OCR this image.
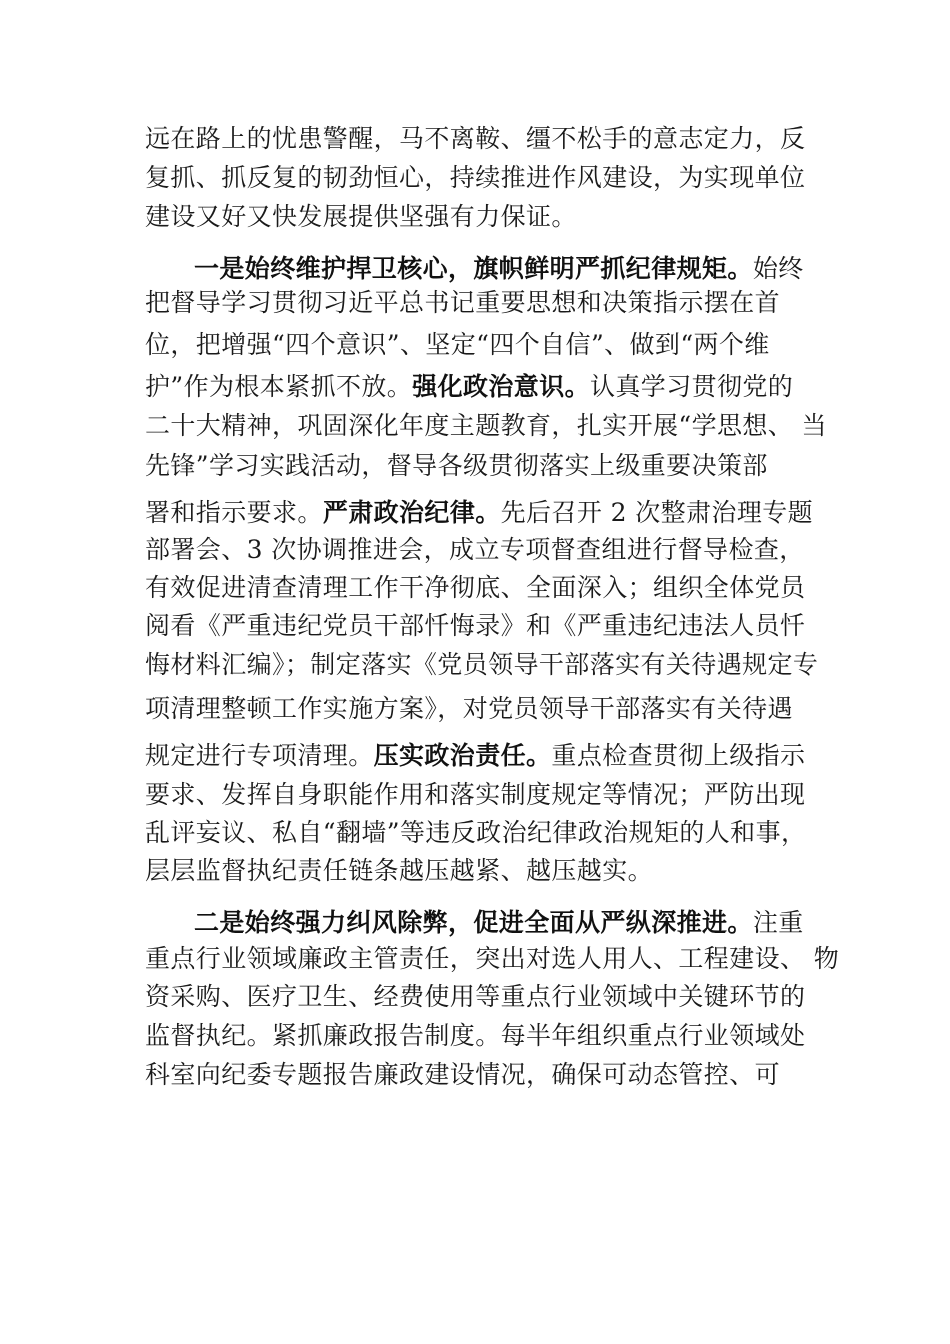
远在路上的忧患警醒，马不离鞍、缰不松手的意志定力，反
复抓、抓反复的韧劲恒心，持续推进作风建设，为实现单位
建设又好又快发展提供坚强有力保证。
一是始终维护捍卫核心，旗帜鲜明严抓纪律规矩。始终
把督导学习贯彻习近平总书记重要思想和决策指示摆在首
位，把增强“四个意识”、坚定“四个自信”、做到“两个维
护”作为根本紧抓不放。强化政治意识。认真学习贯彻党的
二十大精神，巩固深化年度主题教育，扎实开展“学思想、 当
先锋”学习实践活动，督导各级贯彻落实上级重要决策部
署和指示要求。严肃政治纪律。先后召开 2 次整肃治理专题
部署会、3 次协调推进会，成立专项督查组进行督导检查，
有效促进清查清理工作干净彻底、全面深入；组织全体党员
阅看《严重违纪党员干部忏悔录》和《严重违纪违法人员忏
悔材料汇编》；制定落实《党员领导干部落实有关待遇规定专
项清理整顿工作实施方案》，对党员领导干部落实有关待遇
规定进行专项清理。压实政治责任。重点检查贯彻上级指示
要求、发挥自身职能作用和落实制度规定等情况；严防出现
乱评妄议、私自“翻墙”等违反政治纪律政治规矩的人和事，
层层监督执纪责任链条越压越紧、越压越实。
二是始终强力纠风除弊，促进全面从严纵深推进。注重
重点行业领域廉政主管责任，突出对选人用人、工程建设、 物
资采购、医疗卫生、经费使用等重点行业领域中关键环节的
监督执纪。紧抓廉政报告制度。每半年组织重点行业领域处
科室向纪委专题报告廉政建设情况，确保可动态管控、可
